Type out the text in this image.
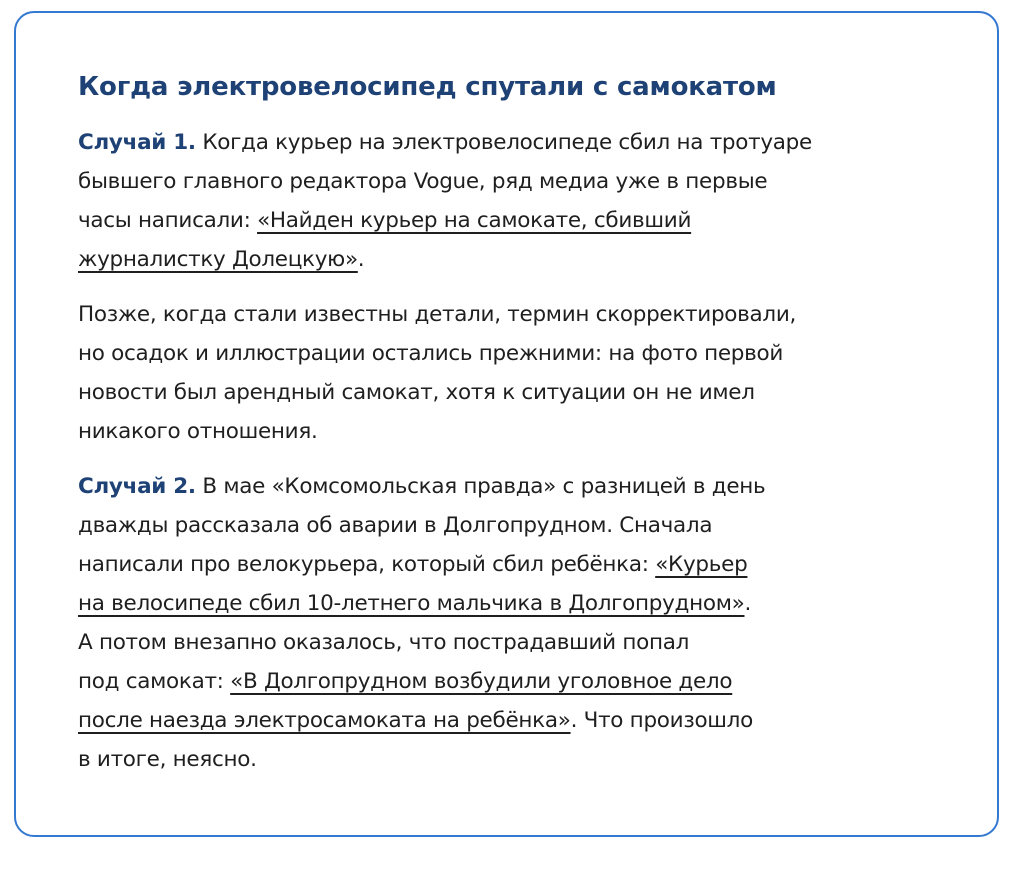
Когда электровелосипед спутали с самокатом

Случай 1. Когда курьер на электровелосипеде сбил на тротуаре
бывшего главного редактора Vogue, ряд медиа уже в первые
часы написали: «Найден курьер на самокате, сбивший
журналистку Долецкую».

Позже, когда стали известны детали, термин скорректировали,
но осадок и иллюстрации остались прежними: на фото первой
новости был арендный самокат, хотя к ситуации он не имел
никакого отношения.

Случай 2. В мае «Комсомольская правда» с разницей в день
дважды рассказала об аварии в Долгопрудном. Сначала
написали про велокурьера, который сбил ребёнка: «Курьер
на велосипеде сбил 10-летнего мальчика в Долгопрудном».
А потом внезапно оказалось, что пострадавший попал
под самокат: «В Долгопрудном возбудили уголовное дело
после наезда электросамоката на ребёнка». Что произошло
в итоге, неясно.
